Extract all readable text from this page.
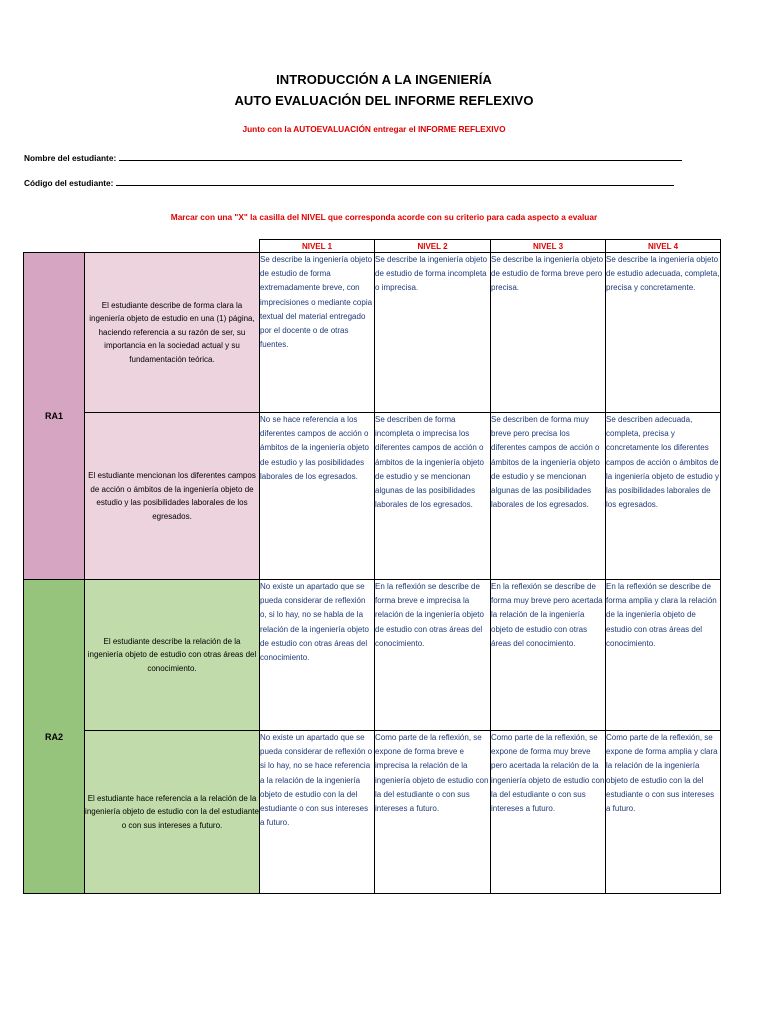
INTRODUCCIÓN A LA INGENIERÍA
AUTO EVALUACIÓN DEL INFORME REFLEXIVO
Junto con la AUTOEVALUACIÓN entregar el INFORME REFLEXIVO
Nombre del estudiante:
Código del estudiante:
Marcar con una "X" la casilla del NIVEL que corresponda acorde con su criterio para cada aspecto a evaluar
		NIVEL 1	NIVEL 2	NIVEL 3	NIVEL 4
RA1	El estudiante describe de forma clara la ingeniería objeto de estudio en una (1) página, haciendo referencia a su razón de ser, su importancia en la sociedad actual y su fundamentación teórica.	Se describe la ingeniería objeto de estudio de forma extremadamente breve, con imprecisiones o mediante copia textual del material entregado por el docente o de otras fuentes.	Se describe la ingeniería objeto de estudio de forma incompleta o imprecisa.	Se describe la ingeniería objeto de estudio de forma breve pero precisa.	Se describe la ingeniería objeto de estudio adecuada, completa, precisa y concretamente.
	El estudiante mencionan los diferentes campos de acción o ámbitos de la ingeniería objeto de estudio y las posibilidades laborales de los egresados.	No se hace referencia a los diferentes campos de acción o ámbitos de la ingeniería objeto de estudio y las posibilidades laborales de los egresados.	Se describen de forma incompleta o imprecisa los diferentes campos de acción o ámbitos de la ingeniería objeto de estudio y se mencionan algunas de las posibilidades laborales de los egresados.	Se describen de forma muy breve pero precisa los diferentes campos de acción o ámbitos de la ingeniería objeto de estudio y se mencionan algunas de las posibilidades laborales de los egresados.	Se describen adecuada, completa, precisa y concretamente los diferentes campos de acción o ámbitos de la ingeniería objeto de estudio y las posibilidades laborales de los egresados.
RA2	El estudiante describe la relación de la ingeniería objeto de estudio con otras áreas del conocimiento.	No existe un apartado que se pueda considerar de reflexión o, si lo hay, no se habla de la relación de la ingeniería objeto de estudio con otras áreas del conocimiento.	En la reflexión se describe de forma breve e imprecisa la relación de la ingeniería objeto de estudio con otras áreas del conocimiento.	En la reflexión se describe de forma muy breve pero acertada la relación de la ingeniería objeto de estudio con otras áreas del conocimiento.	En la reflexión se describe de forma amplia y clara la relación de la ingeniería objeto de estudio con otras áreas del conocimiento.
	El estudiante hace referencia a la relación de la ingeniería objeto de estudio con la del estudiante o con sus intereses a futuro.	No existe un apartado que se pueda considerar de reflexión o si lo hay, no se hace referencia a la relación de la ingeniería objeto de estudio con la del estudiante o con sus intereses a futuro.	Como parte de la reflexión, se expone de forma breve e imprecisa la relación de la ingeniería objeto de estudio con la del estudiante o con sus intereses a futuro.	Como parte de la reflexión, se expone de forma muy breve pero acertada la relación de la ingeniería objeto de estudio con la del estudiante o con sus intereses a futuro.	Como parte de la reflexión, se expone de forma amplia y clara la relación de la ingeniería objeto de estudio con la del estudiante o con sus intereses a futuro.
